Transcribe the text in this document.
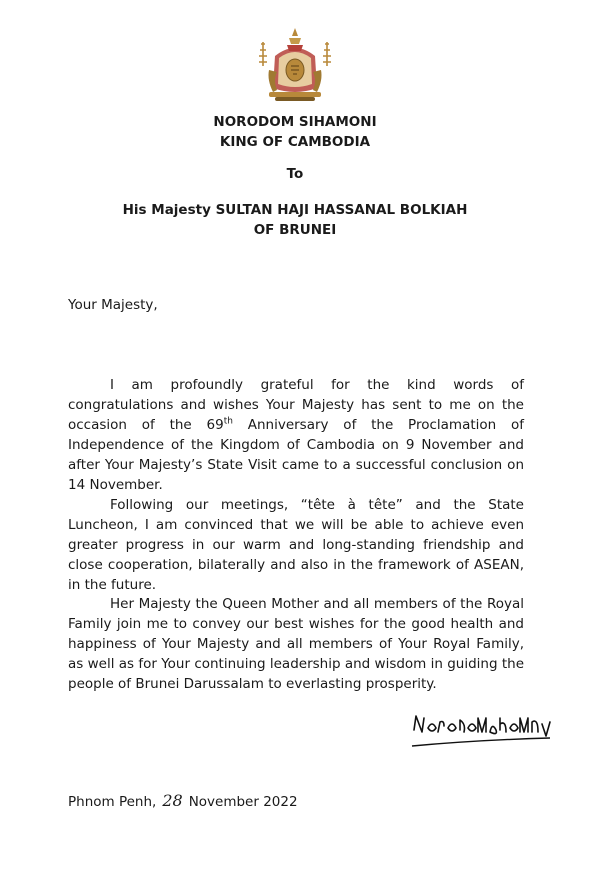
NORODOM SIHAMONI
KING OF CAMBODIA
To
His Majesty SULTAN HAJI HASSANAL BOLKIAH
OF BRUNEI
Your Majesty,

I am profoundly grateful for the kind words of congratulations and wishes Your Majesty has sent to me on the occasion of the 69th Anniversary of the Proclamation of Independence of the Kingdom of Cambodia on 9 November and after Your Majesty’s State Visit came to a successful conclusion on 14 November.

Following our meetings, “tête à tête” and the State Luncheon, I am convinced that we will be able to achieve even greater progress in our warm and long-standing friendship and close cooperation, bilaterally and also in the framework of ASEAN, in the future.

Her Majesty the Queen Mother and all members of the Royal Family join me to convey our best wishes for the good health and happiness of Your Majesty and all members of Your Royal Family, as well as for Your continuing leadership and wisdom in guiding the people of Brunei Darussalam to everlasting prosperity.

Phnom Penh, 28 November 2022
